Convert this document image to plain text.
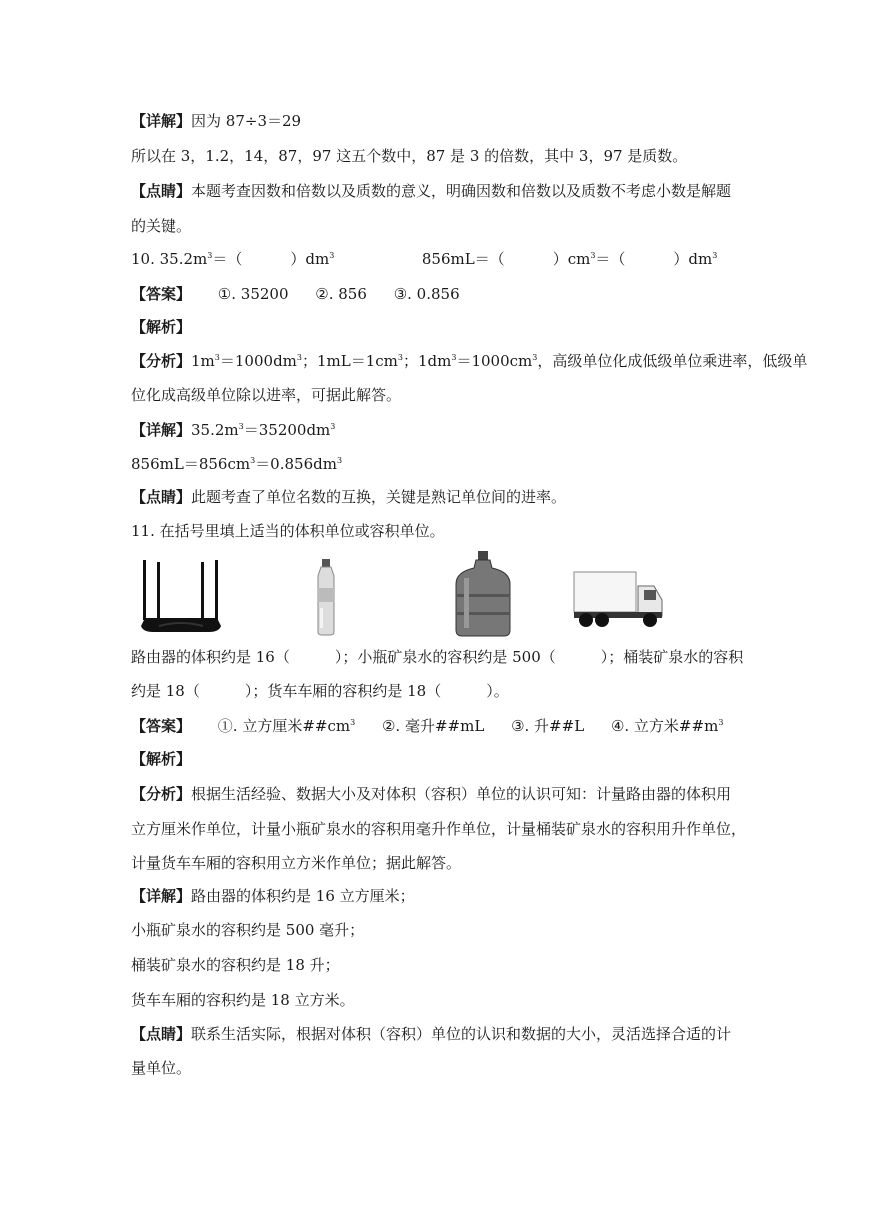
【详解】因为 87÷3＝29
所以在 3，1.2，14，87，97 这五个数中，87 是 3 的倍数，其中 3，97 是质数。
【点睛】本题考查因数和倍数以及质数的意义，明确因数和倍数以及质数不考虑小数是解题
的关键。
10. $35.2m^3=$（	）$dm^3$	856mL＝（	）$cm^3=$（	）$dm^3$
【答案】 ①. 35200 ②. 856 ③. 0.856
【解析】
【分析】$1m^3=1000dm^3$；$1mL=1cm^3$；$1dm^3=1000cm^3$，高级单位化成低级单位乘进率，低级单
位化成高级单位除以进率，可据此解答。
【详解】$35.2m^3=35200dm^3$
$856mL=856cm^3=0.856dm^3$
【点睛】此题考查了单位名数的互换，关键是熟记单位间的进率。
11. 在括号里填上适当的体积单位或容积单位。
路由器的体积约是 16（　　　）；小瓶矿泉水的容积约是 500（　　　）；桶装矿泉水的容积
约是 18（　　　）；货车车厢的容积约是 18（　　　）。
【答案】 ①. 立方厘米$\#\#cm^3$ ②. 毫升##mL ③. 升##L ④. 立方米$\#\#m^3$
【解析】
【分析】根据生活经验、数据大小及对体积（容积）单位的认识可知：计量路由器的体积用
立方厘米作单位，计量小瓶矿泉水的容积用毫升作单位，计量桶装矿泉水的容积用升作单位，
计量货车车厢的容积用立方米作单位；据此解答。
【详解】路由器的体积约是 16 立方厘米；
小瓶矿泉水的容积约是 500 毫升；
桶装矿泉水的容积约是 18 升；
货车车厢的容积约是 18 立方米。
【点睛】联系生活实际，根据对体积（容积）单位的认识和数据的大小，灵活选择合适的计
量单位。
